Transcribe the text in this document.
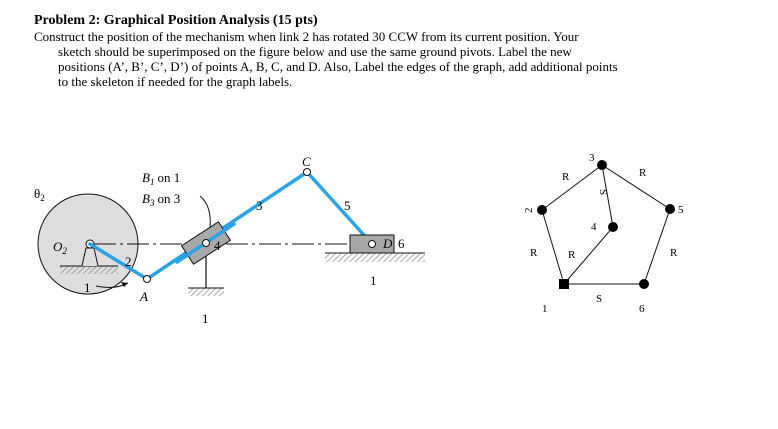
Problem 2: Graphical Position Analysis (15 pts)
Construct the position of the mechanism when link 2 has rotated 30 CCW from its current position. Your
sketch should be superimposed on the figure below and use the same ground pivots. Label the new
positions (A’, B’, C’, D’) of points A, B, C, and D. Also, Label the edges of the graph, add additional points
to the skeleton if needed for the graph labels.
$\theta_2$
$O_2$
$B_1$ on 1
$B_3$ on 3
C
A
D 6
1
1
1
2
3
4
5
1
2
3
4
5
6
R	R
R	R
R
S
S
